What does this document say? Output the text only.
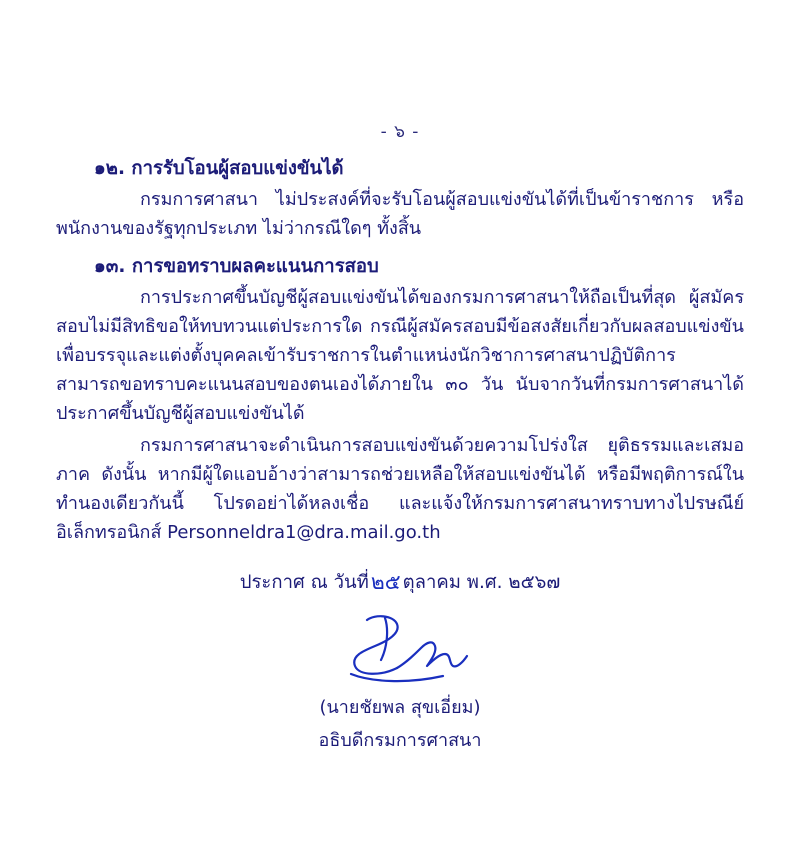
- ๖ -
๑๒. การรับโอนผู้สอบแข่งขันได้

กรมการศาสนา ไม่ประสงค์ที่จะรับโอนผู้สอบแข่งขันได้ที่เป็นข้าราชการ หรือพนักงานของรัฐทุกประเภท ไม่ว่ากรณีใดๆ ทั้งสิ้น

๑๓. การขอทราบผลคะแนนการสอบ

การประกาศขึ้นบัญชีผู้สอบแข่งขันได้ของกรมการศาสนาให้ถือเป็นที่สุด ผู้สมัครสอบไม่มีสิทธิขอให้ทบทวนแต่ประการใด กรณีผู้สมัครสอบมีข้อสงสัยเกี่ยวกับผลสอบแข่งขันเพื่อบรรจุและแต่งตั้งบุคคลเข้ารับราชการในตำแหน่งนักวิชาการศาสนาปฏิบัติการ สามารถขอทราบคะแนนสอบของตนเองได้ภายใน ๓๐ วัน นับจากวันที่กรมการศาสนาได้ประกาศขึ้นบัญชีผู้สอบแข่งขันได้

กรมการศาสนาจะดำเนินการสอบแข่งขันด้วยความโปร่งใส ยุติธรรมและเสมอภาค ดังนั้น หากมีผู้ใดแอบอ้างว่าสามารถช่วยเหลือให้สอบแข่งขันได้ หรือมีพฤติการณ์ในทำนองเดียวกันนี้ โปรดอย่าได้หลงเชื่อ และแจ้งให้กรมการศาสนาทราบทางไปรษณีย์อิเล็กทรอนิกส์ Personneldra1@dra.mail.go.th

ประกาศ ณ วันที่๒๕ ตุลาคม พ.ศ. ๒๕๖๗
(นายชัยพล สุขเอี่ยม)
อธิบดีกรมการศาสนา
